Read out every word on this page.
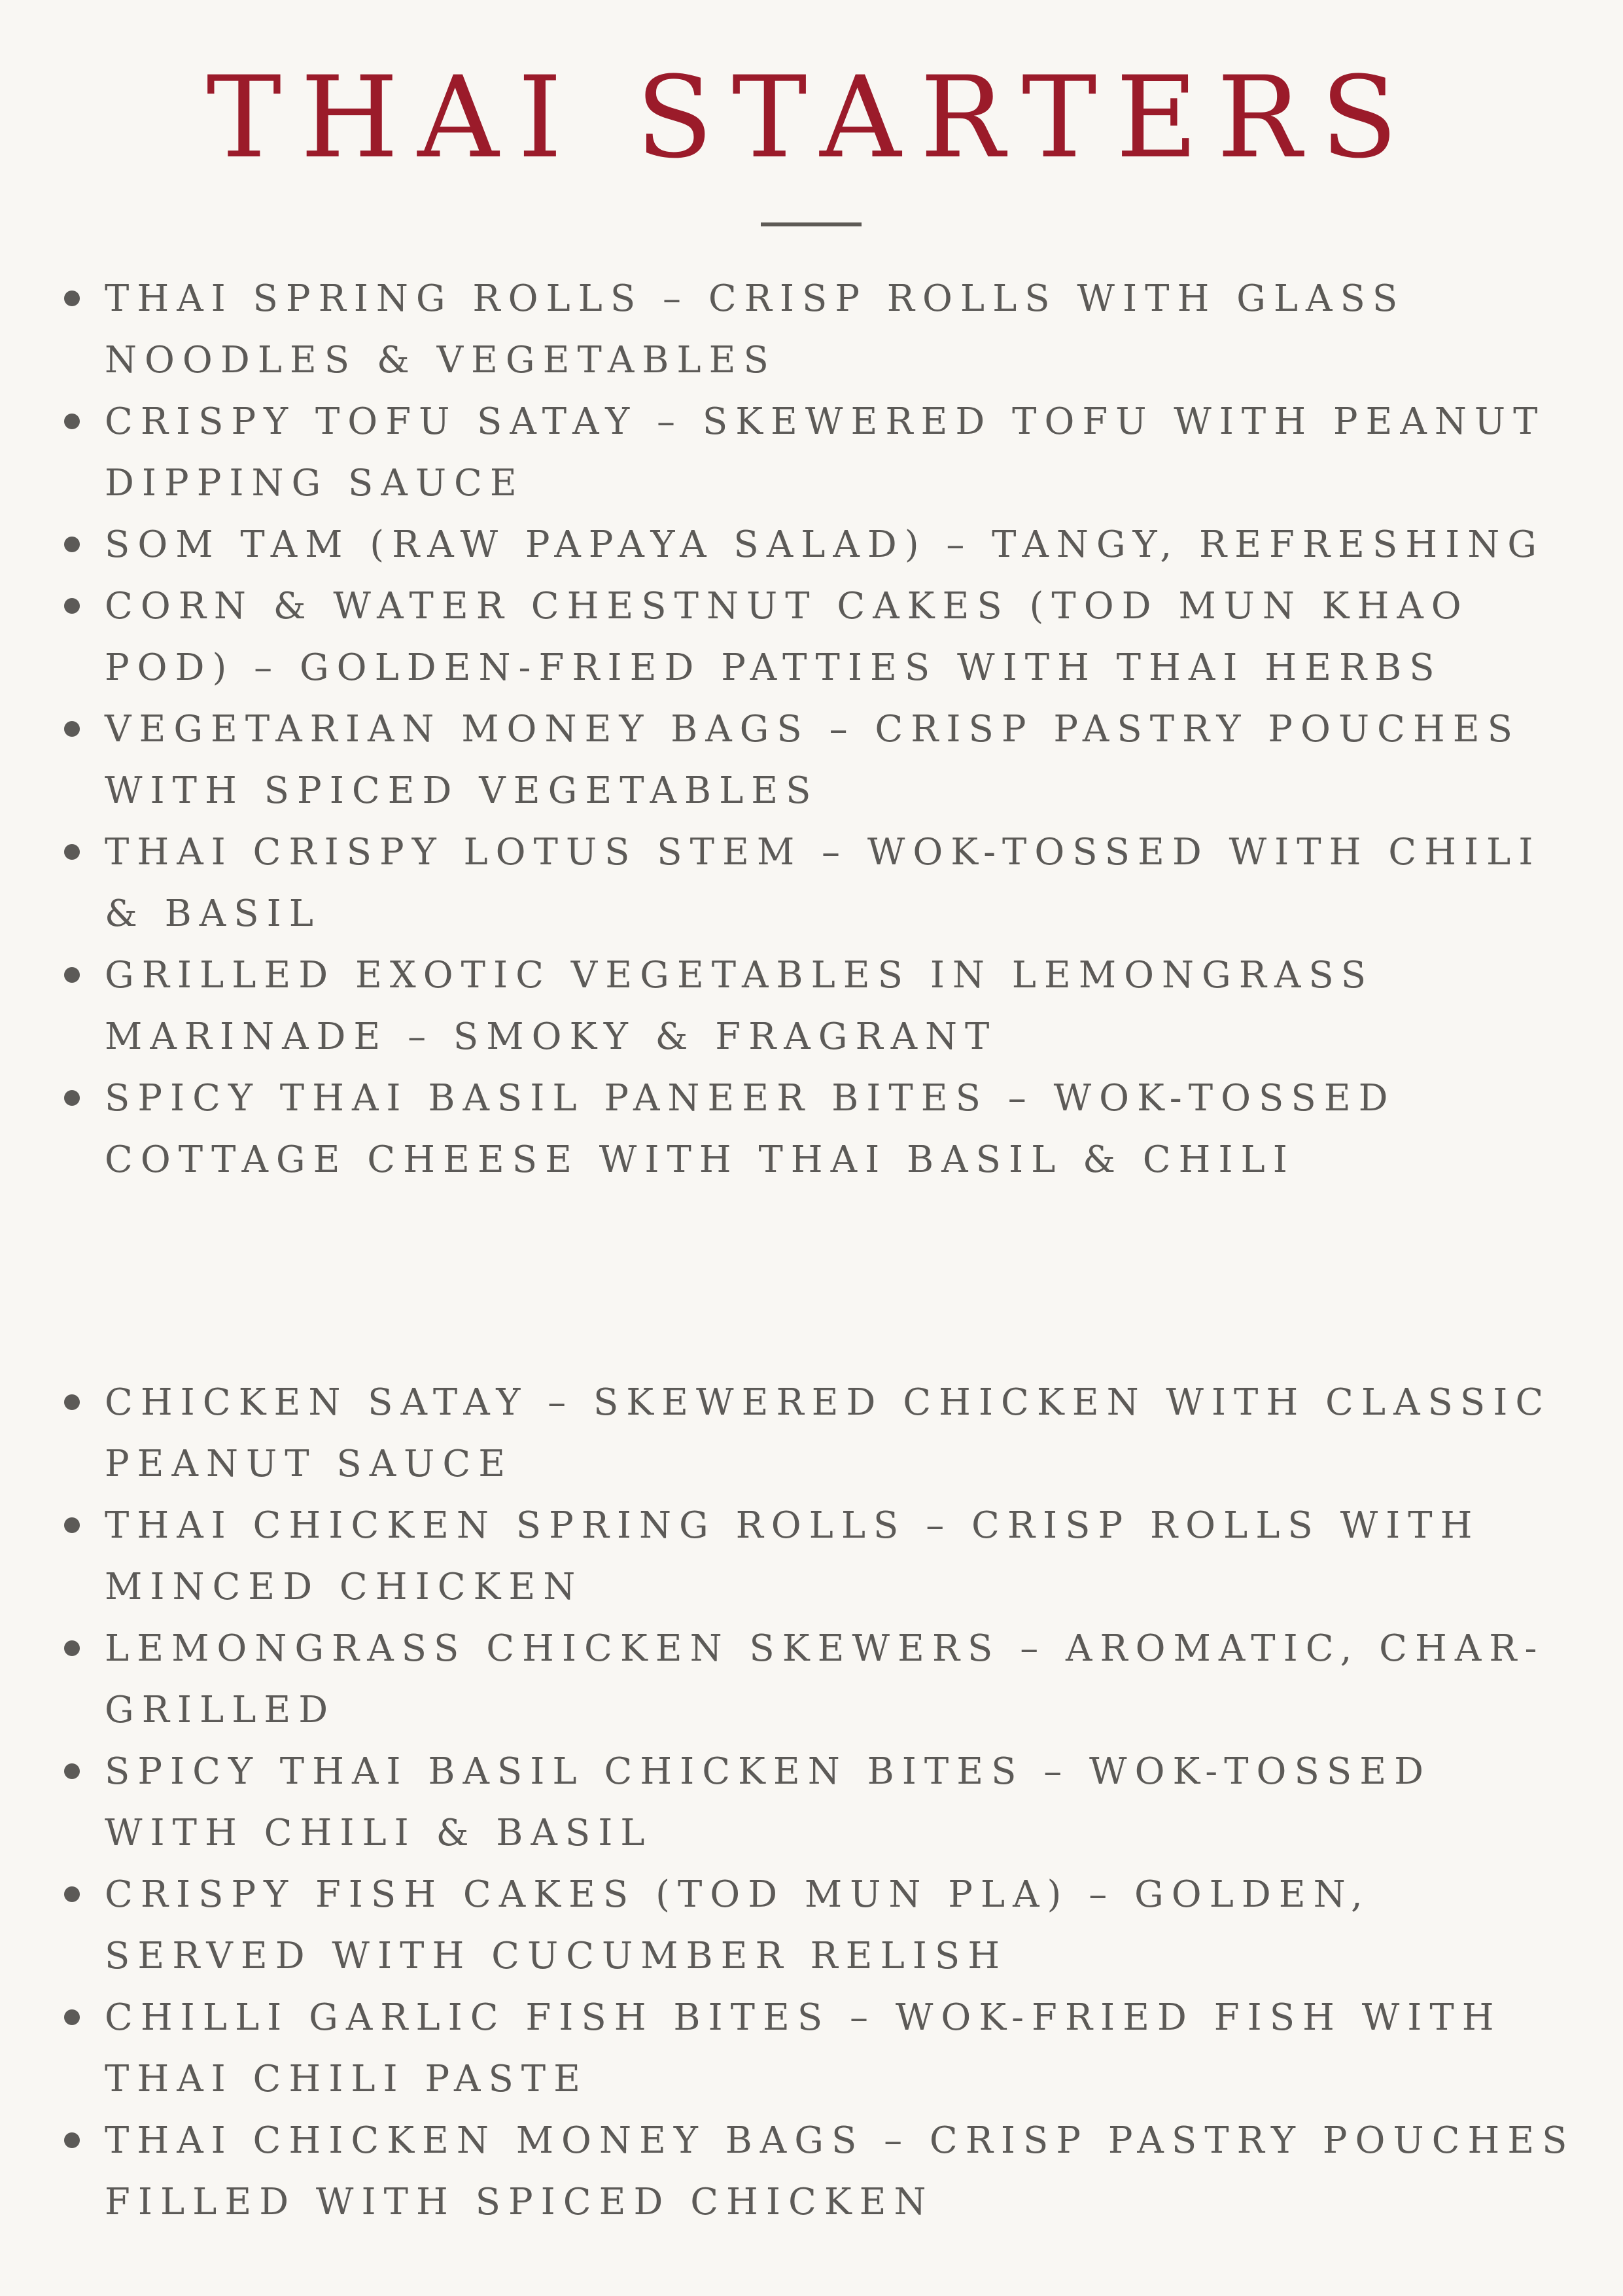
THAI STARTERS
THAI SPRING ROLLS – CRISP ROLLS WITH GLASS NOODLES & VEGETABLES
CRISPY TOFU SATAY – SKEWERED TOFU WITH PEANUT DIPPING SAUCE
SOM TAM (RAW PAPAYA SALAD) – TANGY, REFRESHING
CORN & WATER CHESTNUT CAKES (TOD MUN KHAO POD) – GOLDEN-FRIED PATTIES WITH THAI HERBS
VEGETARIAN MONEY BAGS – CRISP PASTRY POUCHES WITH SPICED VEGETABLES
THAI CRISPY LOTUS STEM – WOK-TOSSED WITH CHILI & BASIL
GRILLED EXOTIC VEGETABLES IN LEMONGRASS MARINADE – SMOKY & FRAGRANT
SPICY THAI BASIL PANEER BITES – WOK-TOSSED COTTAGE CHEESE WITH THAI BASIL & CHILI
CHICKEN SATAY – SKEWERED CHICKEN WITH CLASSIC PEANUT SAUCE
THAI CHICKEN SPRING ROLLS – CRISP ROLLS WITH MINCED CHICKEN
LEMONGRASS CHICKEN SKEWERS – AROMATIC, CHAR-GRILLED
SPICY THAI BASIL CHICKEN BITES – WOK-TOSSED WITH CHILI & BASIL
CRISPY FISH CAKES (TOD MUN PLA) – GOLDEN, SERVED WITH CUCUMBER RELISH
CHILLI GARLIC FISH BITES – WOK-FRIED FISH WITH THAI CHILI PASTE
THAI CHICKEN MONEY BAGS – CRISP PASTRY POUCHES FILLED WITH SPICED CHICKEN
